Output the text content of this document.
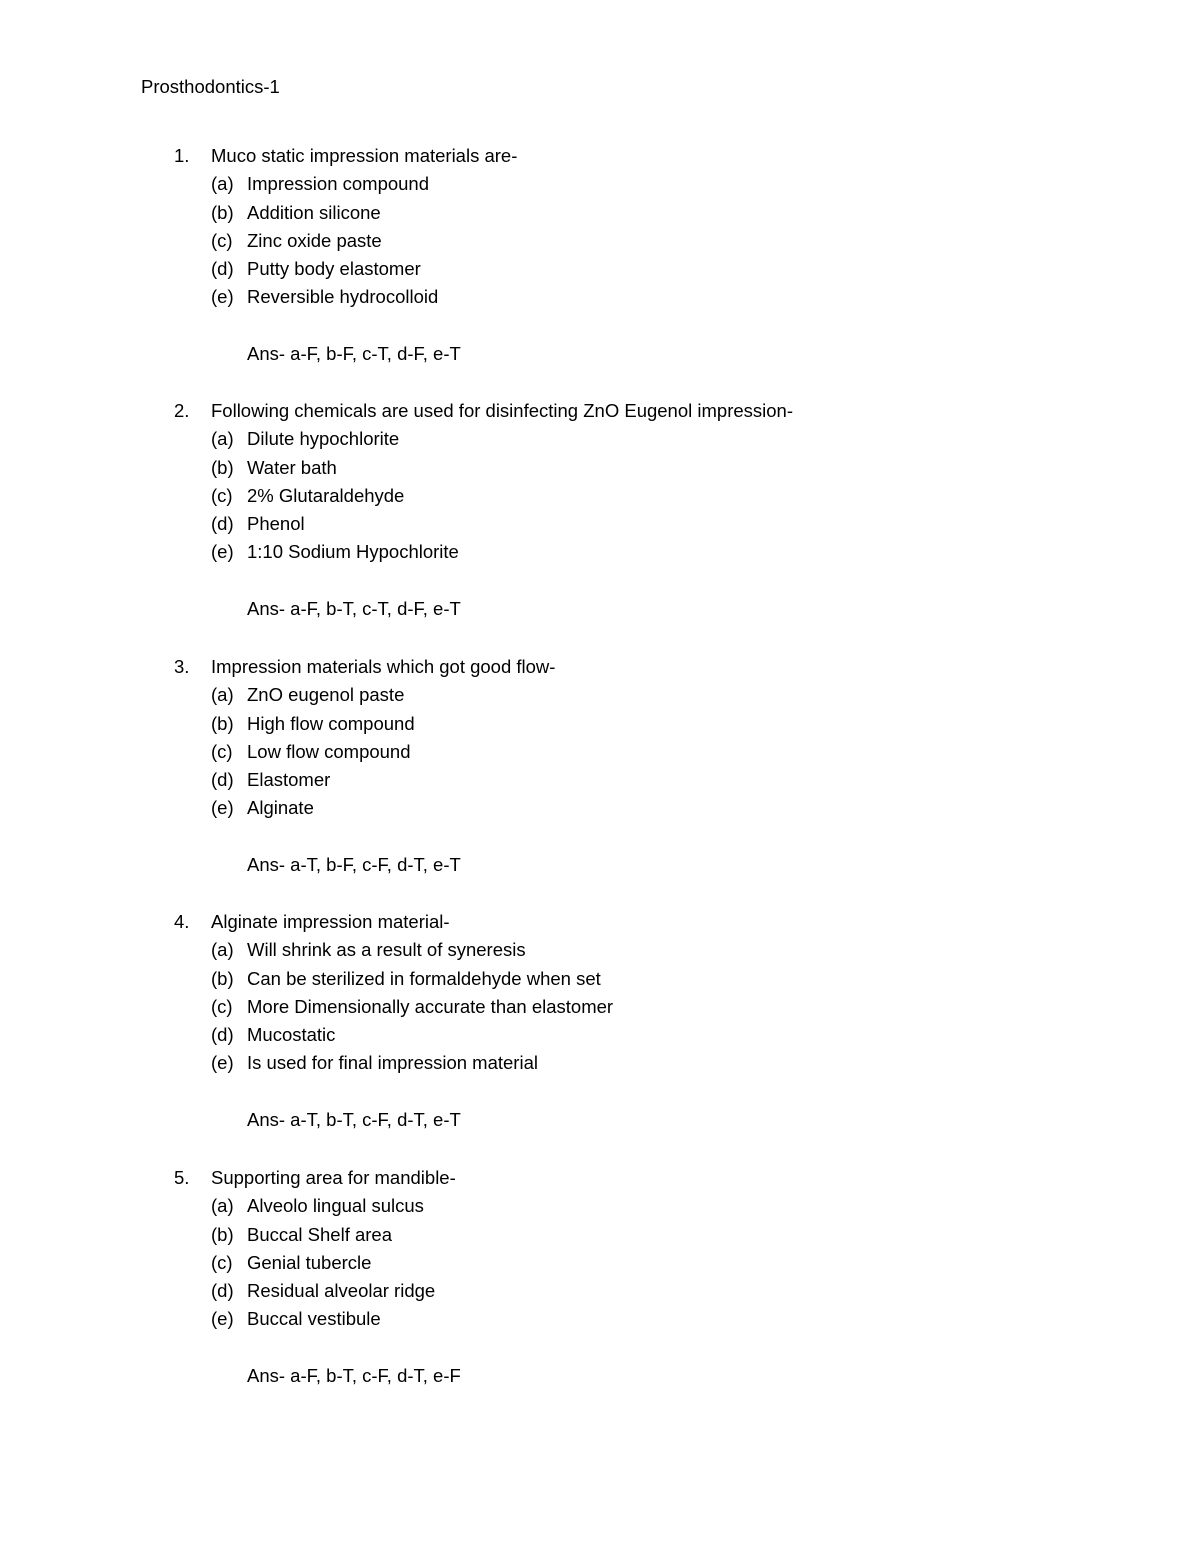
Prosthodontics-1
1. Muco static impression materials are-
(a) Impression compound
(b) Addition silicone
(c) Zinc oxide paste
(d) Putty body elastomer
(e) Reversible hydrocolloid
Ans- a-F, b-F, c-T, d-F, e-T
2. Following chemicals are used for disinfecting ZnO Eugenol impression-
(a) Dilute hypochlorite
(b) Water bath
(c) 2% Glutaraldehyde
(d) Phenol
(e) 1:10 Sodium Hypochlorite
Ans- a-F, b-T, c-T, d-F, e-T
3. Impression materials which got good flow-
(a) ZnO eugenol paste
(b) High flow compound
(c) Low flow compound
(d) Elastomer
(e) Alginate
Ans- a-T, b-F, c-F, d-T, e-T
4. Alginate impression material-
(a) Will shrink as a result of syneresis
(b) Can be sterilized in formaldehyde when set
(c) More Dimensionally accurate than elastomer
(d) Mucostatic
(e) Is used for final impression material
Ans- a-T, b-T, c-F, d-T, e-T
5. Supporting area for mandible-
(a) Alveolo lingual sulcus
(b) Buccal Shelf area
(c) Genial tubercle
(d) Residual alveolar ridge
(e) Buccal vestibule
Ans- a-F, b-T, c-F, d-T, e-F
